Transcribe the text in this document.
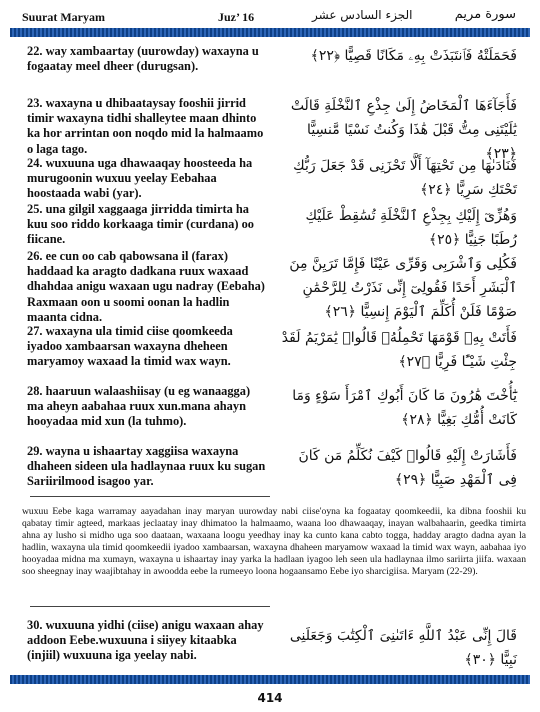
Suurat Maryam	Juz’ 16	الجزء السادس عشر	سورة مريم
22. way xambaartay (uurowday) waxayna u fogaatay meel dheer (durugsan).
فَحَمَلَتْهُ فَٱنتَبَذَتْ بِهِۦ مَكَانًا قَصِيًّا ﴿٢٢﴾
23. waxayna u dhibaataysay fooshii jirrid timir waxayna tidhi shalleytee maan dhinto ka hor arrintan oon noqdo mid la halmaamo o laga tago.
فَأَجَآءَهَا ٱلْمَخَاضُ إِلَىٰ جِذْعِ ٱلنَّخْلَةِ قَالَتْ يَٰلَيْتَنِى مِتُّ قَبْلَ هَٰذَا وَكُنتُ نَسْيًا مَّنسِيًّا ﴿٢٣﴾
24. wuxuuna uga dhawaaqay hoosteeda ha murugoonin wuxuu yeelay Eebahaa hoostaada wabi (yar).
فَنَادَىٰهَا مِن تَحْتِهَآ أَلَّا تَحْزَنِى قَدْ جَعَلَ رَبُّكِ تَحْتَكِ سَرِيًّا ﴿٢٤﴾
25. una gilgil xaggaaga jirridda timirta ha kuu soo riddo korkaaga timir (curdana) oo fiicane.
وَهُزِّىٓ إِلَيْكِ بِجِذْعِ ٱلنَّخْلَةِ تُسَٰقِطْ عَلَيْكِ رُطَبًا جَنِيًّا ﴿٢٥﴾
26. ee cun oo cab qabowsana il (farax) haddaad ka aragto dadkana ruux waxaad dhahdaa anigu waxaan ugu nadray (Eebaha) Raxmaan oon u soomi oonan la hadlin maanta cidna.
فَكُلِى وَٱشْرَبِى وَقَرِّى عَيْنًا فَإِمَّا تَرَيِنَّ مِنَ ٱلْبَشَرِ أَحَدًا فَقُولِىٓ إِنِّى نَذَرْتُ لِلرَّحْمَٰنِ صَوْمًا فَلَنْ أُكَلِّمَ ٱلْيَوْمَ إِنسِيًّا ﴿٢٦﴾
27. waxayna ula timid ciise qoomkeeda iyadoo xambaarsan waxayna dheheen maryamoy waxaad la timid wax wayn.
فَأَتَتْ بِهِۦ قَوْمَهَا تَحْمِلُهُۥ قَالُوا۟ يَٰمَرْيَمُ لَقَدْ جِئْتِ شَيْـًٔا فَرِيًّا ﴿٢٧﴾
28. haaruun walaashiisay (u eg wanaagga) ma aheyn aabahaa ruux xun.mana ahayn hooyadaa mid xun (la tuhmo).
يَٰٓأُخْتَ هَٰرُونَ مَا كَانَ أَبُوكِ ٱمْرَأَ سَوْءٍ وَمَا كَانَتْ أُمُّكِ بَغِيًّا ﴿٢٨﴾
29. wayna u ishaartay xaggiisa waxayna dhaheen sideen ula hadlaynaa ruux ku sugan Sariirilmood isagoo yar.
فَأَشَارَتْ إِلَيْهِ قَالُوا۟ كَيْفَ نُكَلِّمُ مَن كَانَ فِى ٱلْمَهْدِ صَبِيًّا ﴿٢٩﴾
wuxuu Eebe kaga warramay aayadahan inay maryan uurowday nabi ciise'oyna ka fogaatay qoomkeedii, ka dibna fooshii ku qabatay timir agteed, markaas jeclaatay inay dhimatoo la halmaamo, waana loo dhawaaqay, inayan walbahaarin, geedka timirta ahna ay lusho si midho uga soo daataan, waxaana loogu yeedhay inay ka cunto kana cabto togga, hadday aragto dadna ayan la hadlin, waxayna ula timid qoomkeedii iyadoo xambaarsan, waxayna dhaheen maryamow waxaad la timid wax wayn, aabahaa iyo hooyadaa midna ma xumayn, waxayna u ishaartay inay yarka la hadlaan iyagoo leh seen ula hadlaynaa ilmo sariirta jiifa. waxaan soo sheegnay inay waajibtahay in awoodda eebe la rumeeyo loona hogaansamo Eebe iyo sharcigiisa. Maryam (22-29).
30. wuxuuna yidhi (ciise) anigu waxaan ahay addoon Eebe.wuxuuna i siiyey kitaabka (injiil) wuxuuna iga yeelay nabi.
قَالَ إِنِّى عَبْدُ ٱللَّهِ ءَاتَىٰنِىَ ٱلْكِتَٰبَ وَجَعَلَنِى نَبِيًّا ﴿٣٠﴾
414
